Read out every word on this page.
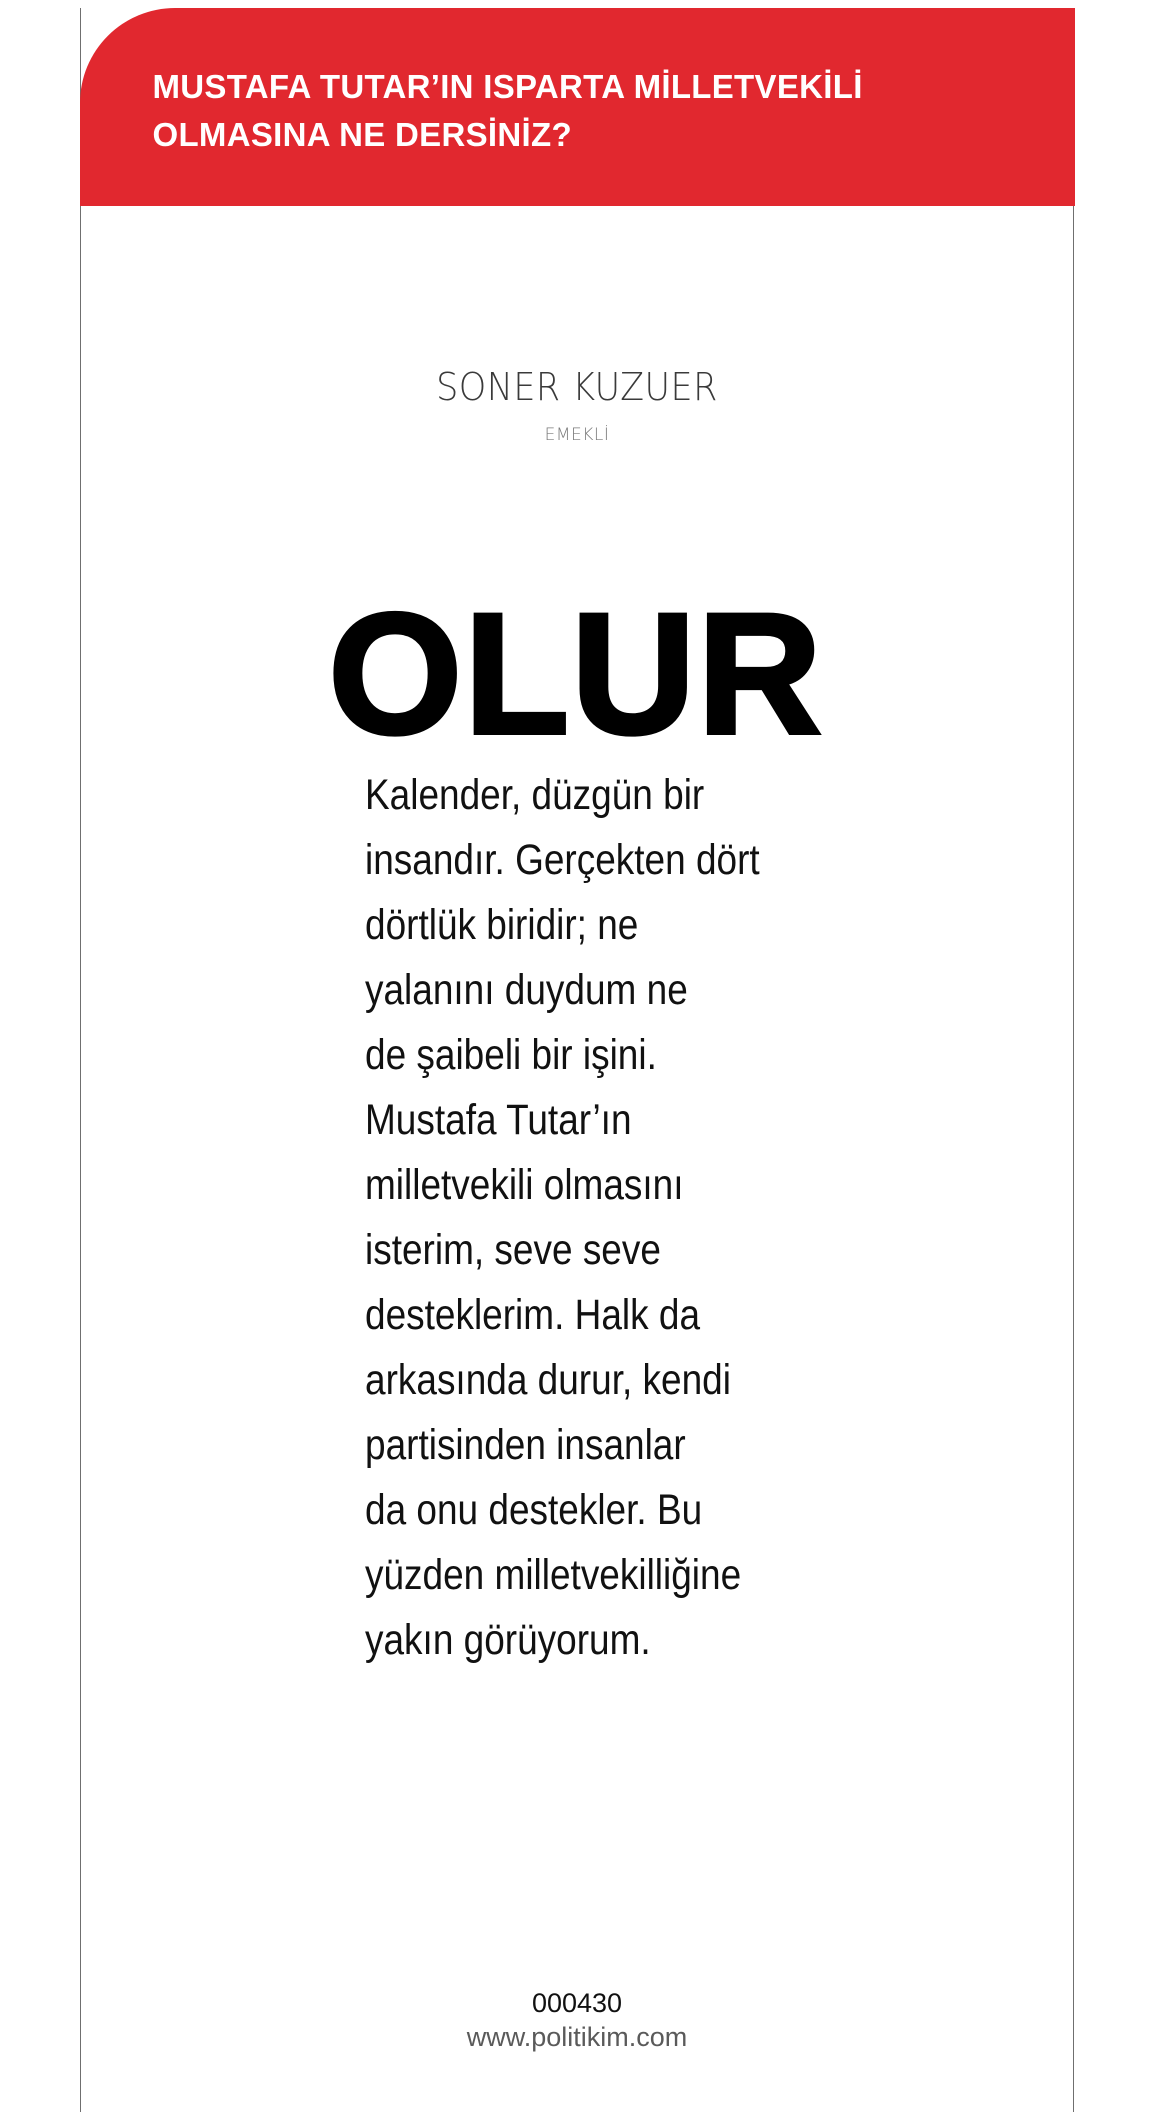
MUSTAFA TUTAR’IN ISPARTA MİLLETVEKİLİ OLMASINA NE DERSİNİZ?
SONER KUZUER
EMEKLİ
OLUR

Kalender, düzgün bir
insandır. Gerçekten dört
dörtlük biridir; ne
yalanını duydum ne
de şaibeli bir işini.
Mustafa Tutar’ın
milletvekili olmasını
isterim, seve seve
desteklerim. Halk da
arkasında durur, kendi
partisinden insanlar
da onu destekler. Bu
yüzden milletvekilliğine
yakın görüyorum.

000430
www.politikim.com
